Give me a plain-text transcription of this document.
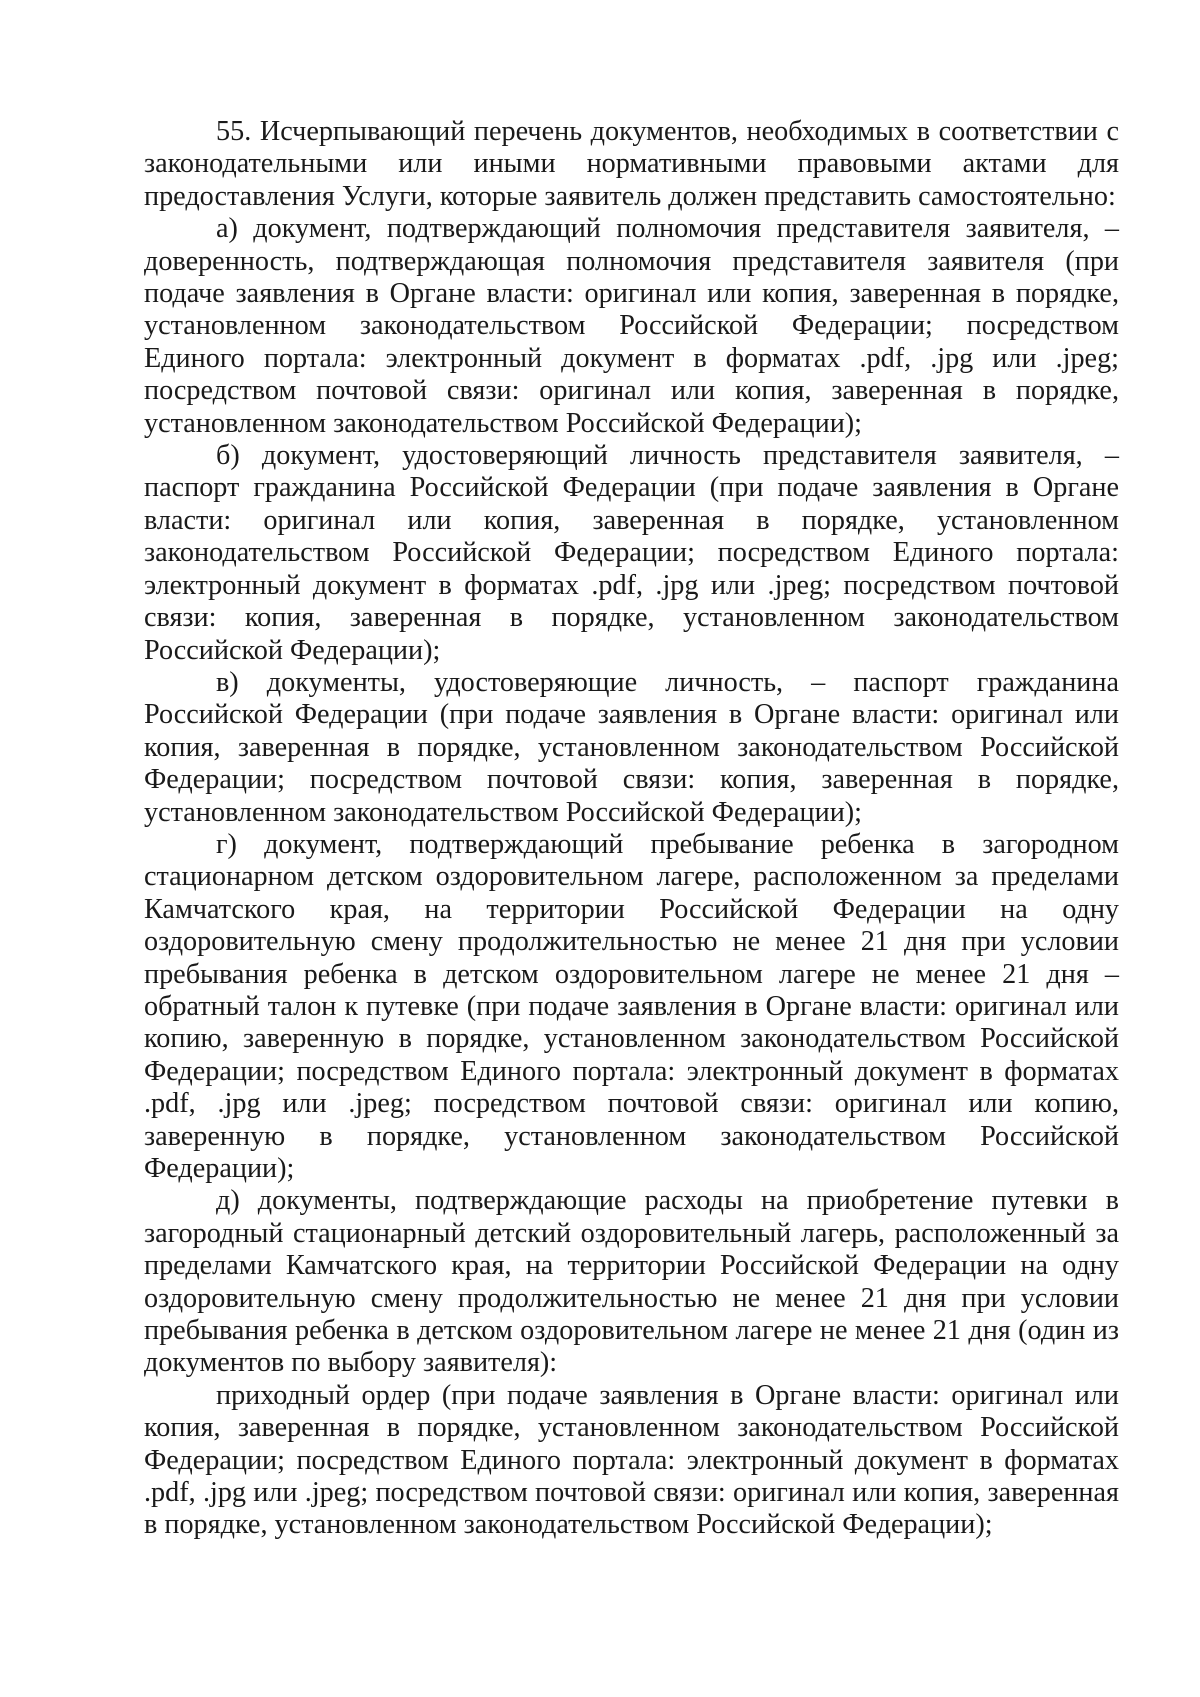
55. Исчерпывающий перечень документов, необходимых в соответствии с законодательными или иными нормативными правовыми актами для предоставления Услуги, которые заявитель должен представить самостоятельно:

а) документ, подтверждающий полномочия представителя заявителя, – доверенность, подтверждающая полномочия представителя заявителя (при подаче заявления в Органе власти: оригинал или копия, заверенная в порядке, установленном законодательством Российской Федерации; посредством Единого портала: электронный документ в форматах .pdf, .jpg или .jpeg; посредством почтовой связи: оригинал или копия, заверенная в порядке, установленном законодательством Российской Федерации);

б) документ, удостоверяющий личность представителя заявителя, – паспорт гражданина Российской Федерации (при подаче заявления в Органе власти: оригинал или копия, заверенная в порядке, установленном законодательством Российской Федерации; посредством Единого портала: электронный документ в форматах .pdf, .jpg или .jpeg; посредством почтовой связи: копия, заверенная в порядке, установленном законодательством Российской Федерации);

в) документы, удостоверяющие личность, – паспорт гражданина Российской Федерации (при подаче заявления в Органе власти: оригинал или копия, заверенная в порядке, установленном законодательством Российской Федерации; посредством почтовой связи: копия, заверенная в порядке, установленном законодательством Российской Федерации);

г) документ, подтверждающий пребывание ребенка в загородном стационарном детском оздоровительном лагере, расположенном за пределами Камчатского края, на территории Российской Федерации на одну оздоровительную смену продолжительностью не менее 21 дня при условии пребывания ребенка в детском оздоровительном лагере не менее 21 дня – обратный талон к путевке (при подаче заявления в Органе власти: оригинал или копию, заверенную в порядке, установленном законодательством Российской Федерации; посредством Единого портала: электронный документ в форматах .pdf, .jpg или .jpeg; посредством почтовой связи: оригинал или копию, заверенную в порядке, установленном законодательством Российской Федерации);

д) документы, подтверждающие расходы на приобретение путевки в загородный стационарный детский оздоровительный лагерь, расположенный за пределами Камчатского края, на территории Российской Федерации на одну оздоровительную смену продолжительностью не менее 21 дня при условии пребывания ребенка в детском оздоровительном лагере не менее 21 дня (один из документов по выбору заявителя):

приходный ордер (при подаче заявления в Органе власти: оригинал или копия, заверенная в порядке, установленном законодательством Российской Федерации; посредством Единого портала: электронный документ в форматах .pdf, .jpg или .jpeg; посредством почтовой связи: оригинал или копия, заверенная в порядке, установленном законодательством Российской Федерации);
